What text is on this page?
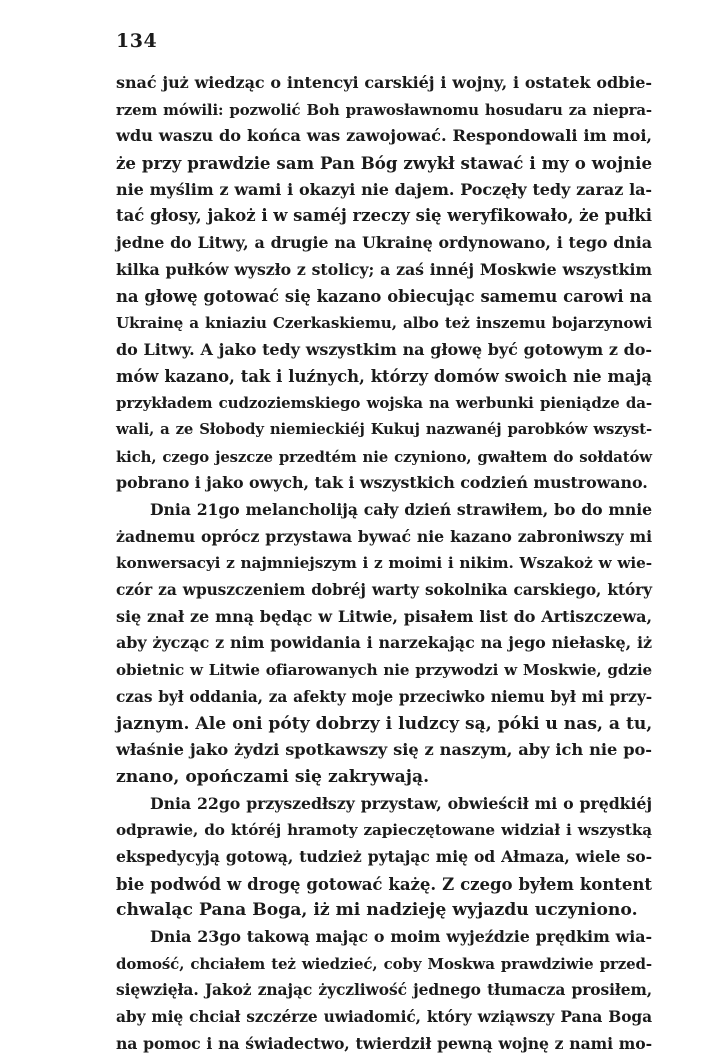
134
snać już wiedząc o intencyi carskiéj i wojny, i ostatek odbie-
rzem mówili: pozwolić Boh prawosławnomu hosudaru za niepra-
wdu waszu do końca was zawojować. Respondowali im moi,
że przy prawdzie sam Pan Bóg zwykł stawać i my o wojnie
nie myślim z wami i okazyi nie dajem. Poczęły tedy zaraz la-
tać głosy, jakoż i w saméj rzeczy się weryfikowało, że pułki
jedne do Litwy, a drugie na Ukrainę ordynowano, i tego dnia
kilka pułków wyszło z stolicy; a zaś innéj Moskwie wszystkim
na głowę gotować się kazano obiecując samemu carowi na
Ukrainę a kniaziu Czerkaskiemu, albo też inszemu bojarzynowi
do Litwy. A jako tedy wszystkim na głowę być gotowym z do-
mów kazano, tak i luźnych, którzy domów swoich nie mają
przykładem cudzoziemskiego wojska na werbunki pieniądze da-
wali, a ze Słobody niemieckiéj Kukuj nazwanéj parobków wszyst-
kich, czego jeszcze przedtém nie czyniono, gwałtem do sołdatów
pobrano i jako owych, tak i wszystkich codzień mustrowano.
Dnia 21go melancholiją cały dzień strawiłem, bo do mnie
żadnemu oprócz przystawa bywać nie kazano zabroniwszy mi
konwersacyi z najmniejszym i z moimi i nikim. Wszakoż w wie-
czór za wpuszczeniem dobréj warty sokolnika carskiego, który
się znał ze mną będąc w Litwie, pisałem list do Artiszczewa,
aby życząc z nim powidania i narzekając na jego niełaskę, iż
obietnic w Litwie ofiarowanych nie przywodzi w Moskwie, gdzie
czas był oddania, za afekty moje przeciwko niemu był mi przy-
jaznym. Ale oni póty dobrzy i ludzcy są, póki u nas, a tu,
właśnie jako żydzi spotkawszy się z naszym, aby ich nie po-
znano, opończami się zakrywają.
Dnia 22go przyszedłszy przystaw, obwieścił mi o prędkiéj
odprawie, do któréj hramoty zapieczętowane widział i wszystką
ekspedycyją gotową, tudzież pytając mię od Ałmaza, wiele so-
bie podwód w drogę gotować każę. Z czego byłem kontent
chwaląc Pana Boga, iż mi nadzieję wyjazdu uczyniono.
Dnia 23go takową mając o moim wyjeździe prędkim wia-
domość, chciałem też wiedzieć, coby Moskwa prawdziwie przed-
sięwzięła. Jakoż znając życzliwość jednego tłumacza prosiłem,
aby mię chciał szczérze uwiadomić, który wziąwszy Pana Boga
na pomoc i na świadectwo, twierdził pewną wojnę z nami mo-
